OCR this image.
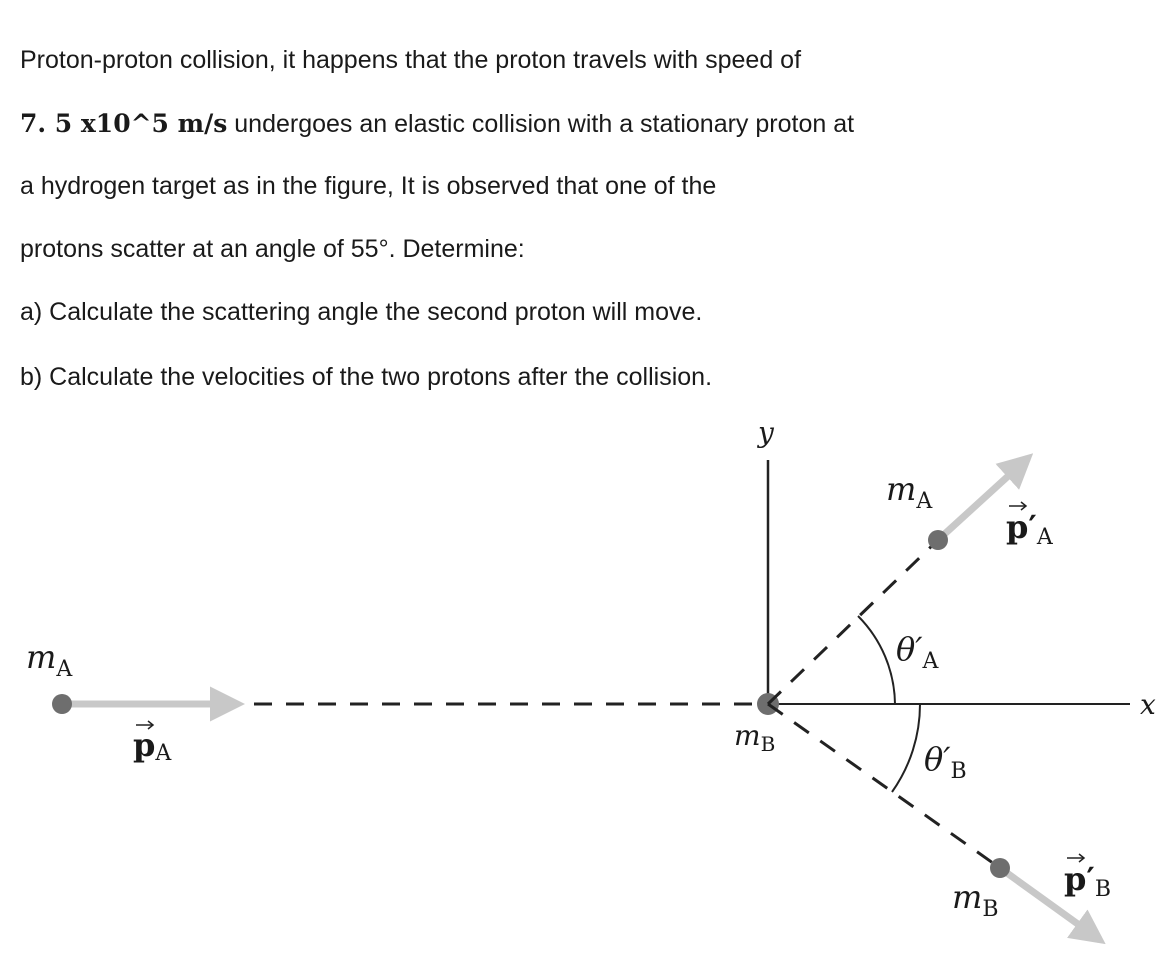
Proton-proton collision, it happens that the proton travels with speed of
7. 5 x10^5 m/s undergoes an elastic collision with a stationary proton at
a hydrogen target as in the figure, It is observed that one of the
protons scatter at an angle of 55°. Determine:
a) Calculate the scattering angle the second proton will move.
b) Calculate the velocities of the two protons after the collision.
y
x
$m_A$
pA
$m_B$
$m_A$
p′A
$\theta'_A$
$\theta'_B$
$m_B$
p′B
